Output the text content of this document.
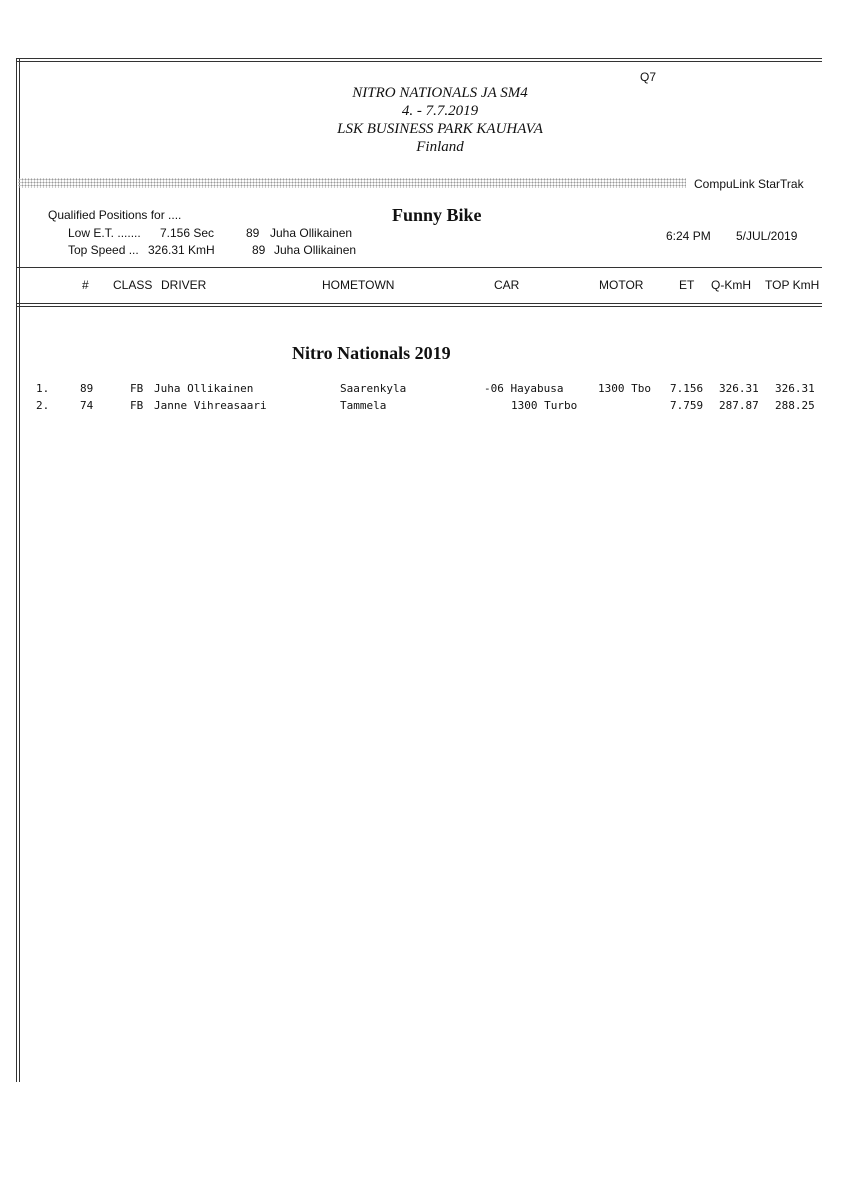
Q7
NITRO NATIONALS JA SM4
4. - 7.7.2019
LSK BUSINESS PARK KAUHAVA
Finland
CompuLink StarTrak
Qualified Positions for ....
Low E.T. ....... 7.156 Sec	89 Juha Ollikainen
Top Speed ... 326.31 KmH	89 Juha Ollikainen
Funny Bike
6:24 PM 5/JUL/2019
# CLASS DRIVER	HOMETOWN	CAR	MOTOR	ET Q-KmH TOP KmH
Nitro Nationals 2019
1.	89	FB Juha Ollikainen	Saarenkyla	-06 Hayabusa	1300 Tbo 7.156 326.31 326.31
2.	74	FB Janne Vihreasaari	Tammela	1300 Turbo	7.759 287.87 288.25
